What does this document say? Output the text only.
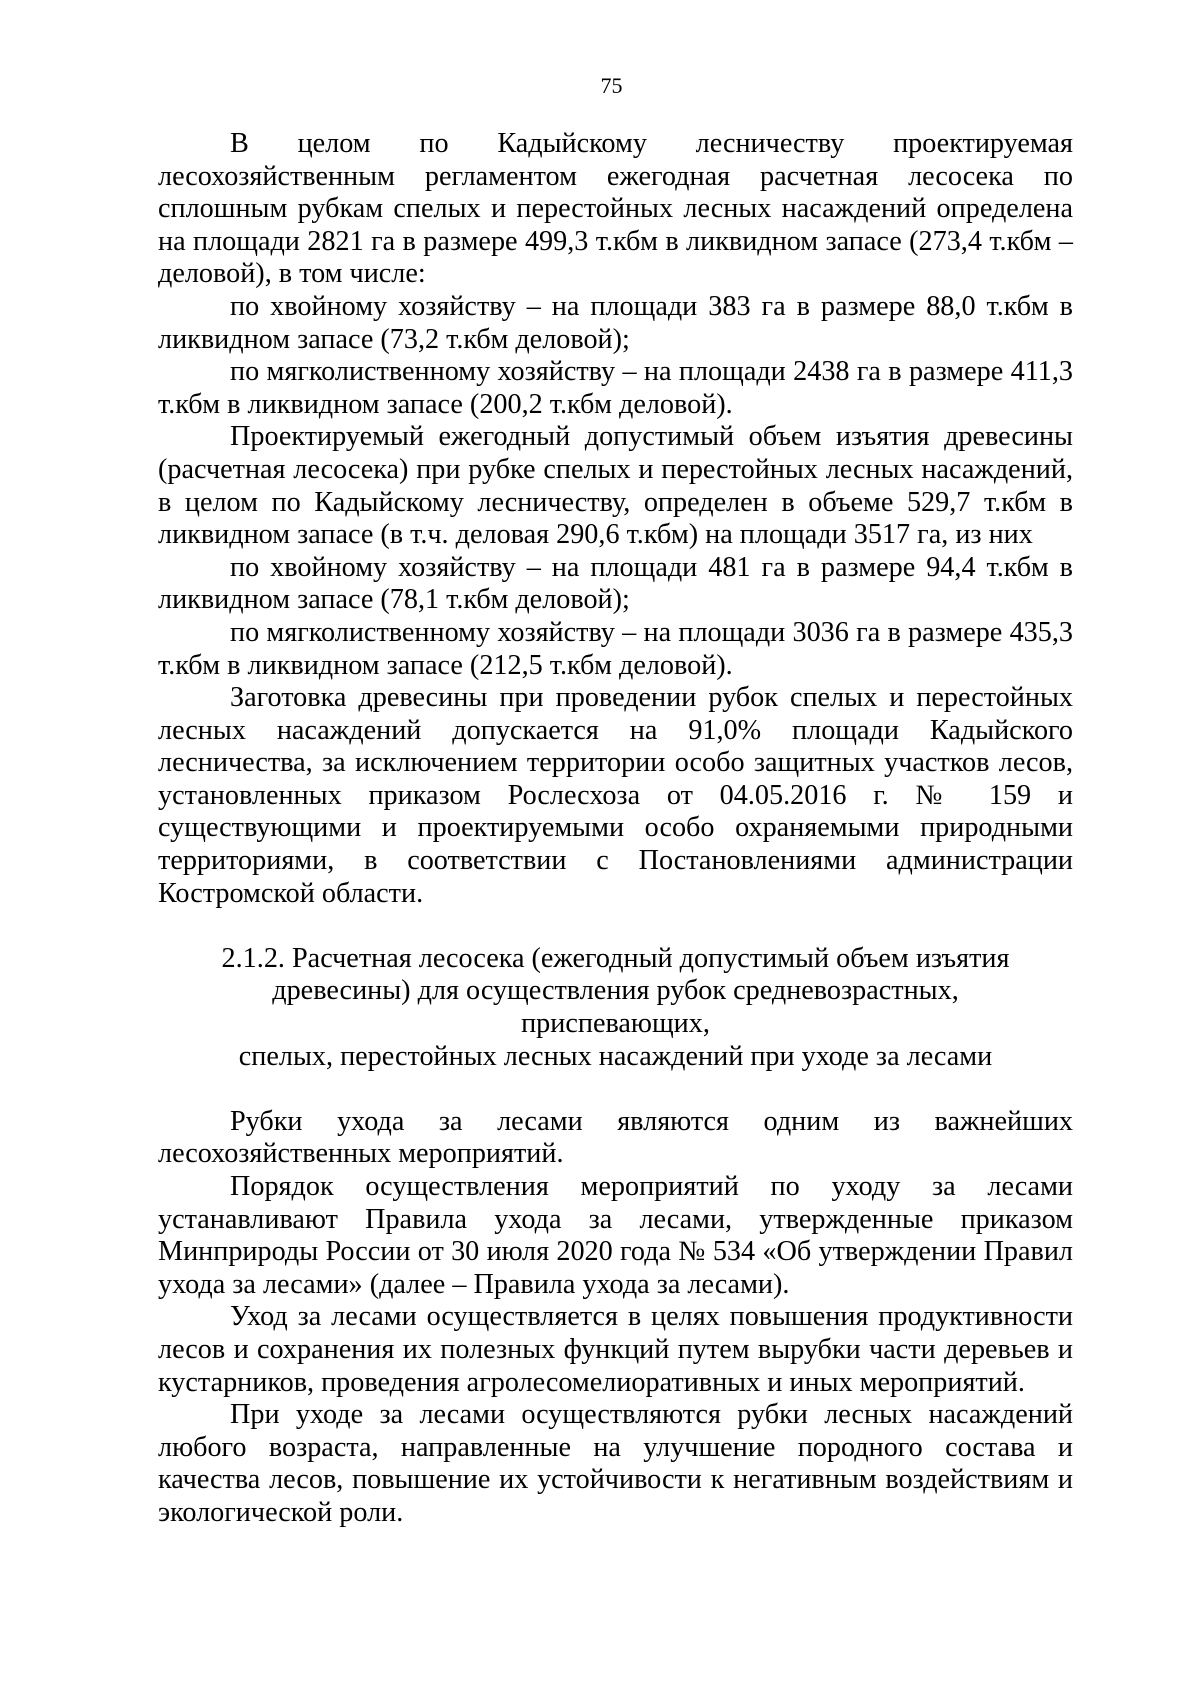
75

В целом по Кадыйскому лесничеству проектируемая лесохозяйственным регламентом ежегодная расчетная лесосека по сплошным рубкам спелых и перестойных лесных насаждений определена на площади 2821 га в размере 499,3 т.кбм в ликвидном запасе (273,4 т.кбм – деловой), в том числе:

по хвойному хозяйству – на площади 383 га в размере 88,0 т.кбм в ликвидном запасе (73,2 т.кбм деловой);

по мягколиственному хозяйству – на площади 2438 га в размере 411,3 т.кбм в ликвидном запасе (200,2 т.кбм деловой).

Проектируемый ежегодный допустимый объем изъятия древесины (расчетная лесосека) при рубке спелых и перестойных лесных насаждений, в целом по Кадыйскому лесничеству, определен в объеме 529,7 т.кбм в ликвидном запасе (в т.ч. деловая 290,6 т.кбм) на площади 3517 га, из них

по хвойному хозяйству – на площади 481 га в размере 94,4 т.кбм в ликвидном запасе (78,1 т.кбм деловой);

по мягколиственному хозяйству – на площади 3036 га в размере 435,3 т.кбм в ликвидном запасе (212,5 т.кбм деловой).

Заготовка древесины при проведении рубок спелых и перестойных лесных насаждений допускается на 91,0% площади Кадыйского лесничества, за исключением территории особо защитных участков лесов, установленных приказом Рослесхоза от 04.05.2016 г. № 159 и существующими и проектируемыми особо охраняемыми природными территориями, в соответствии с Постановлениями администрации Костромской области.

2.1.2. Расчетная лесосека (ежегодный допустимый объем изъятия
древесины) для осуществления рубок средневозрастных, приспевающих,
спелых, перестойных лесных насаждений при уходе за лесами

Рубки ухода за лесами являются одним из важнейших лесохозяйственных мероприятий.

Порядок осуществления мероприятий по уходу за лесами устанавливают Правила ухода за лесами, утвержденные приказом Минприроды России от 30 июля 2020 года № 534 «Об утверждении Правил ухода за лесами» (далее – Правила ухода за лесами).

Уход за лесами осуществляется в целях повышения продуктивности лесов и сохранения их полезных функций путем вырубки части деревьев и кустарников, проведения агролесомелиоративных и иных мероприятий.

При уходе за лесами осуществляются рубки лесных насаждений любого возраста, направленные на улучшение породного состава и качества лесов, повышение их устойчивости к негативным воздействиям и экологической роли.
